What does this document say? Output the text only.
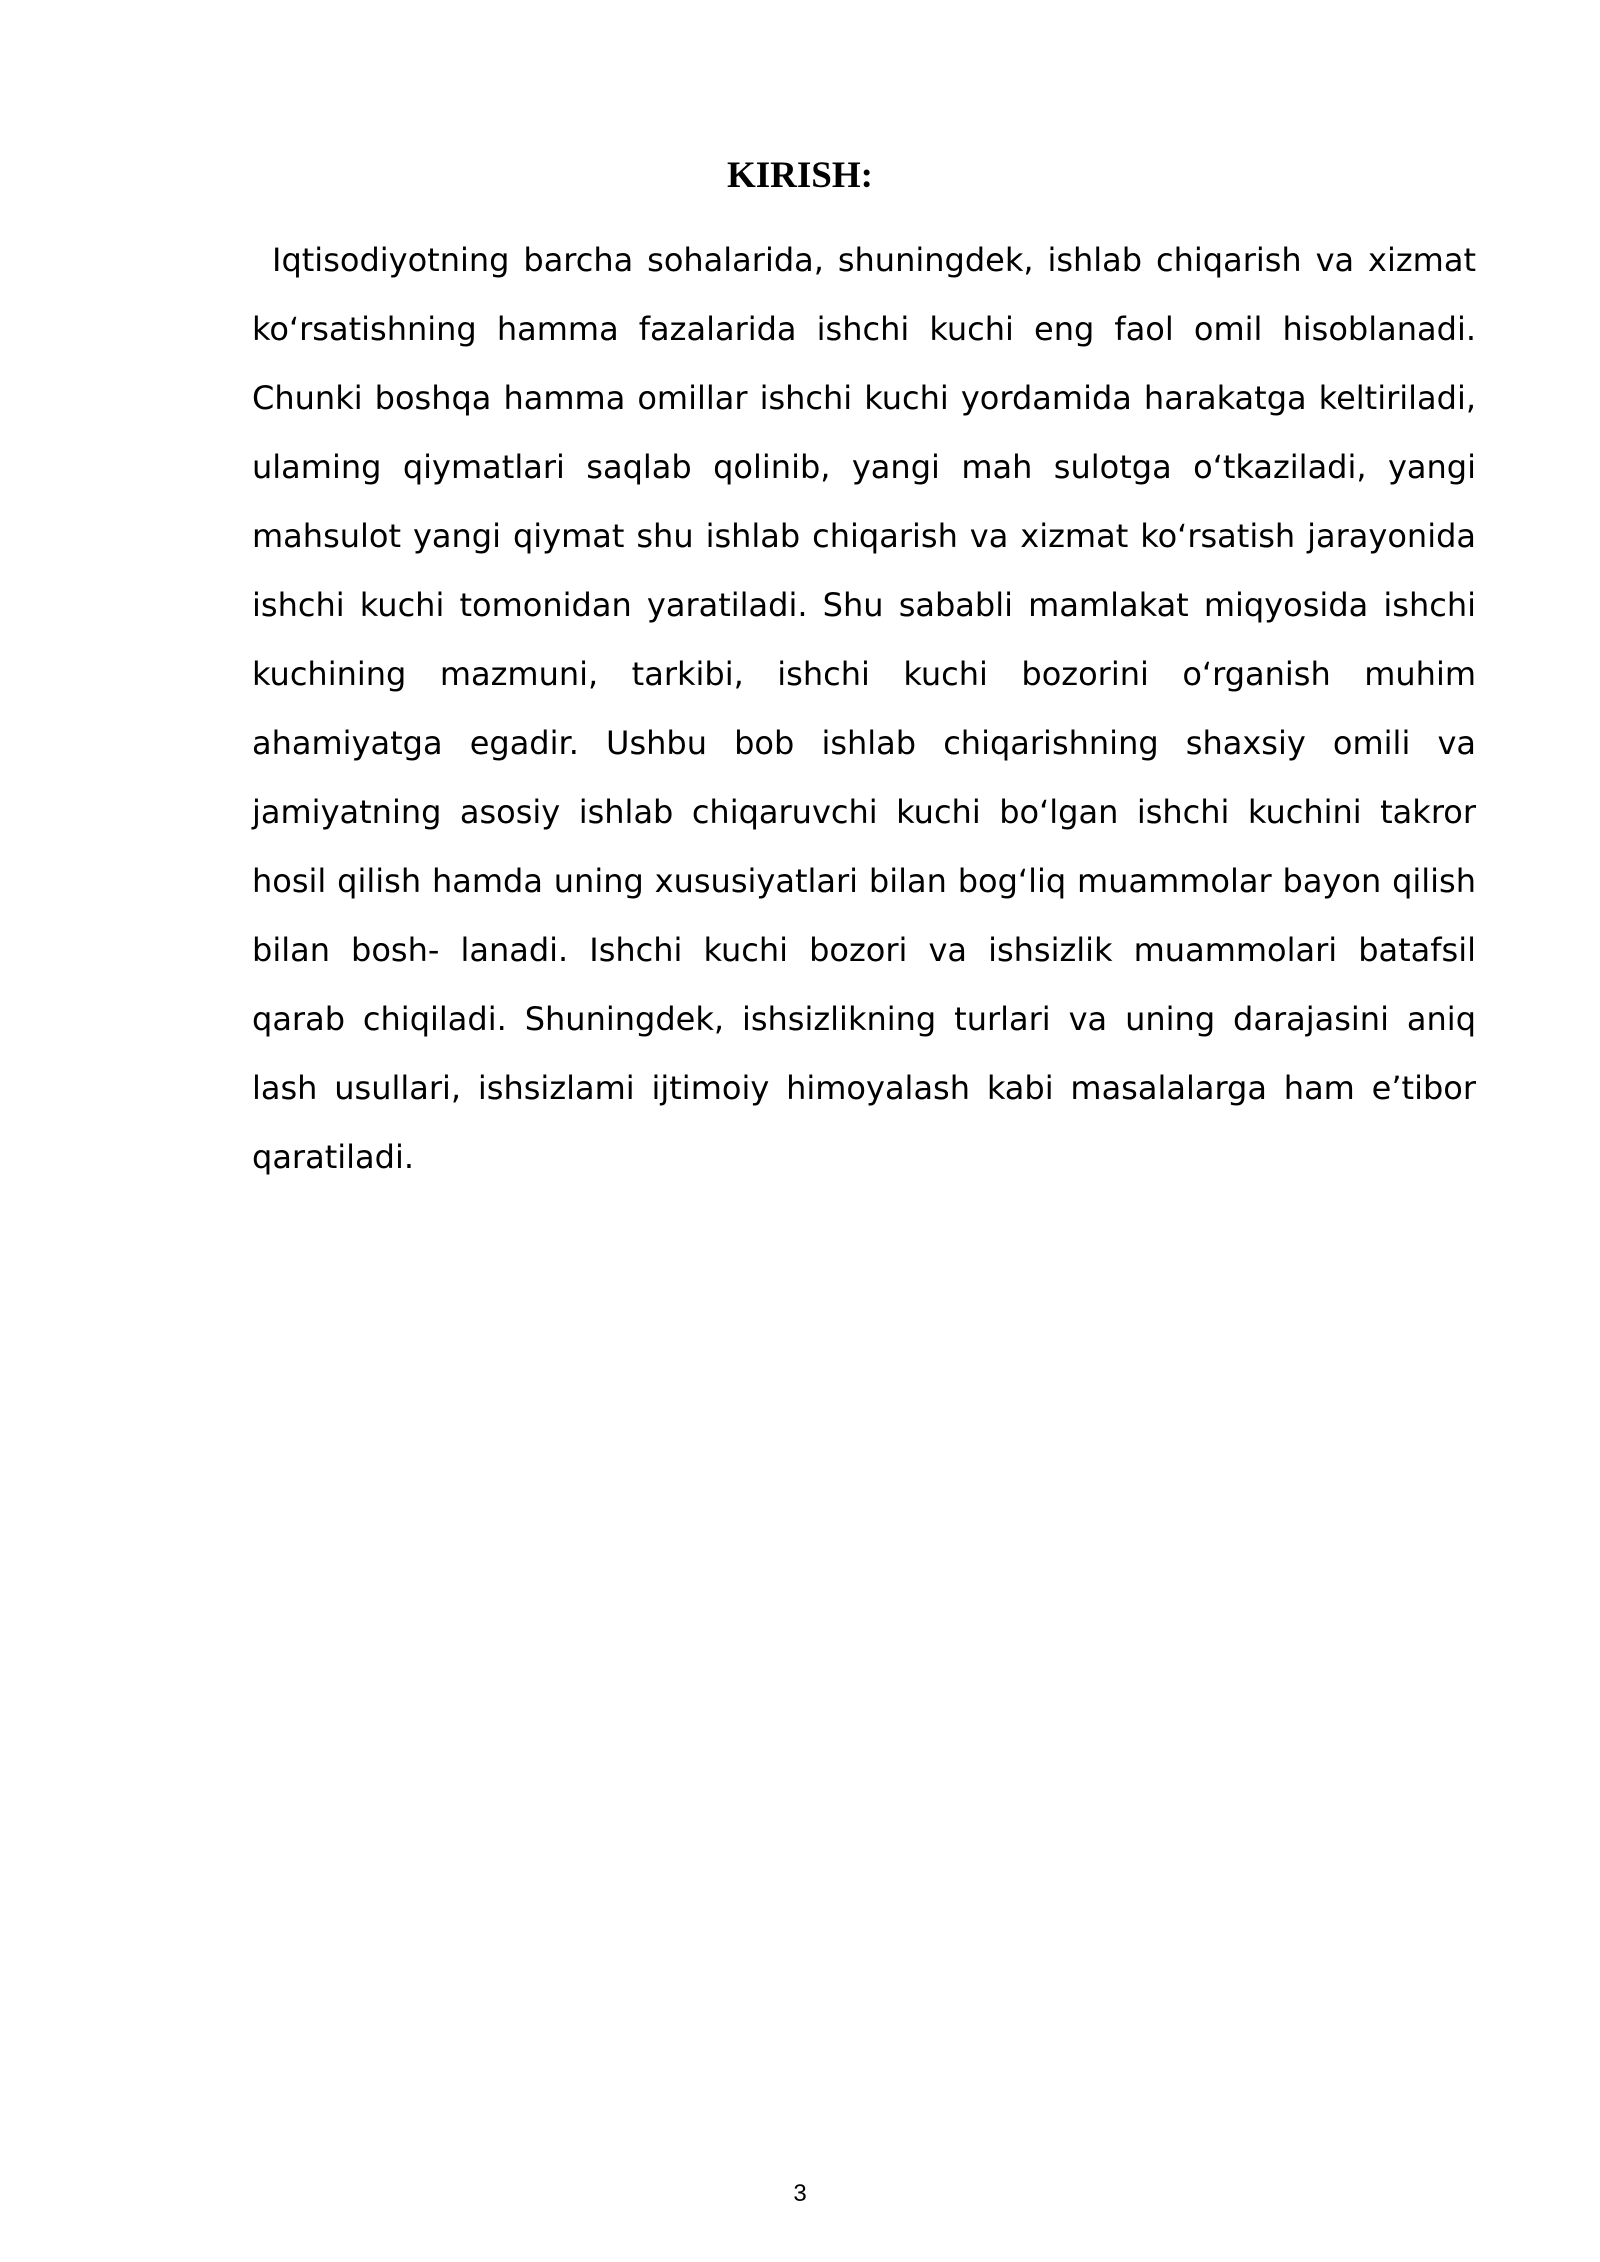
KIRISH:

Iqtisodiyotning barcha sohalarida, shuningdek, ishlab chiqarish va xizmat koʻrsatishning hamma fazalarida ishchi kuchi eng faol omil hisoblanadi. Chunki boshqa hamma omillar ishchi kuchi yordamida harakatga keltiriladi, ulaming qiymatlari saqlab qolinib, yangi mah sulotga oʻtkaziladi, yangi mahsulot yangi qiymat shu ishlab chiqarish va xizmat koʻrsatish jarayonida ishchi kuchi tomonidan yaratiladi. Shu sababli mamlakat miqyosida ishchi kuchining mazmuni, tarkibi, ishchi kuchi bozorini oʻrganish muhim ahamiyatga egadir. Ushbu bob ishlab chiqarishning shaxsiy omili va jamiyatning asosiy ishlab chiqaruvchi kuchi boʻlgan ishchi kuchini takror hosil qilish hamda uning xususiyatlari bilan bogʻliq muammolar bayon qilish bilan bosh- lanadi. Ishchi kuchi bozori va ishsizlik muammolari batafsil qarab chiqiladi. Shuningdek, ishsizlikning turlari va uning darajasini aniq lash usullari, ishsizlami ijtimoiy himoyalash kabi masalalarga ham e’tibor qaratiladi.

3
